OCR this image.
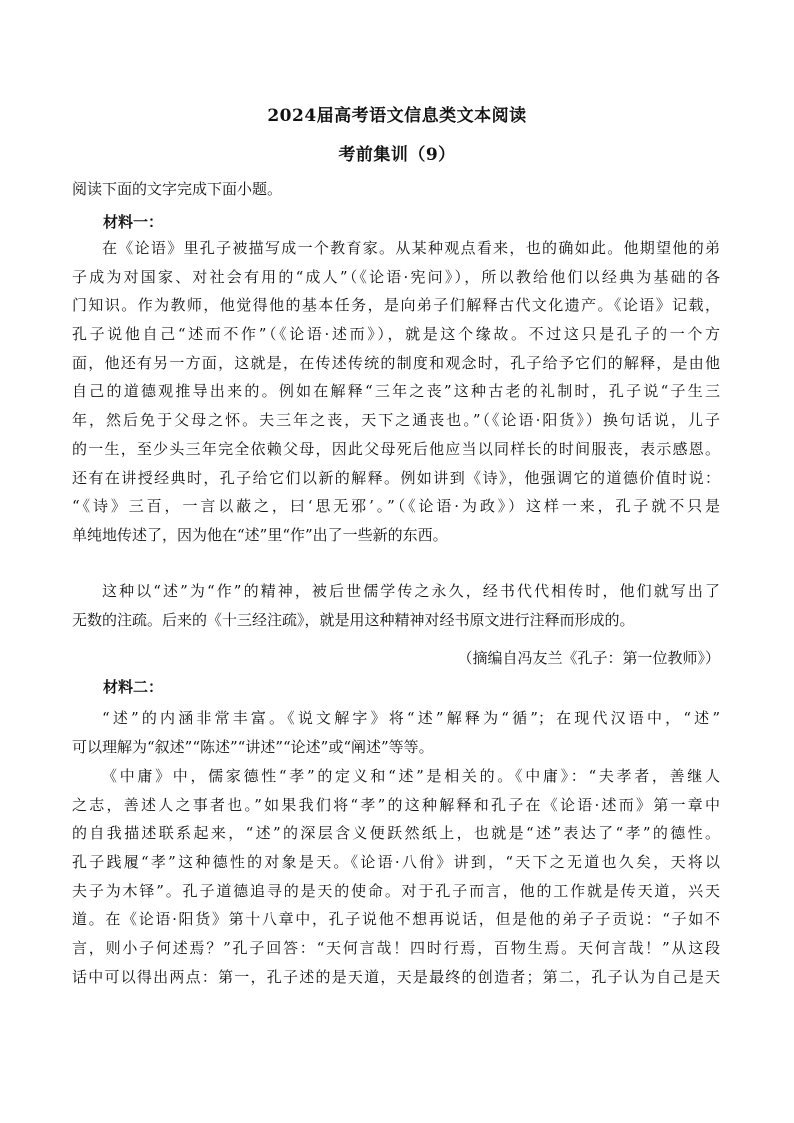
2024届高考语文信息类文本阅读
考前集训（9）
阅读下面的文字完成下面小题。
材料一：
在《论语》里孔子被描写成一个教育家。从某种观点看来，也的确如此。他期望他的弟
子成为对国家、对社会有用的“成人”（《论语·宪问》），所以教给他们以经典为基础的各
门知识。作为教师，他觉得他的基本任务，是向弟子们解释古代文化遗产。《论语》记载，
孔子说他自己“述而不作”（《论语·述而》），就是这个缘故。不过这只是孔子的一个方
面，他还有另一方面，这就是，在传述传统的制度和观念时，孔子给予它们的解释，是由他
自己的道德观推导出来的。例如在解释“三年之丧”这种古老的礼制时，孔子说“子生三
年，然后免于父母之怀。夫三年之丧，天下之通丧也。”（《论语·阳货》）换句话说，儿子
的一生，至少头三年完全依赖父母，因此父母死后他应当以同样长的时间服丧，表示感恩。
还有在讲授经典时，孔子给它们以新的解释。例如讲到《诗》，他强调它的道德价值时说：
“《诗》三百，一言以蔽之，曰‘思无邪’。”（《论语·为政》）这样一来，孔子就不只是
单纯地传述了，因为他在“述”里“作”出了一些新的东西。
这种以“述”为“作”的精神，被后世儒学传之永久，经书代代相传时，他们就写出了
无数的注疏。后来的《十三经注疏》，就是用这种精神对经书原文进行注释而形成的。
（摘编自冯友兰《孔子：第一位教师》）
材料二：
“述”的内涵非常丰富。《说文解字》将“述”解释为“循”；在现代汉语中，“述”
可以理解为“叙述”“陈述”“讲述”“论述”或“阐述”等等。
《中庸》中，儒家德性“孝”的定义和“述”是相关的。《中庸》：“夫孝者，善继人
之志，善述人之事者也。”如果我们将“孝”的这种解释和孔子在《论语·述而》第一章中
的自我描述联系起来，“述”的深层含义便跃然纸上，也就是“述”表达了“孝”的德性。
孔子践履“孝”这种德性的对象是天。《论语·八佾》讲到，“天下之无道也久矣，天将以
夫子为木铎”。孔子道德追寻的是天的使命。对于孔子而言，他的工作就是传天道，兴天
道。在《论语·阳货》第十八章中，孔子说他不想再说话，但是他的弟子子贡说：“子如不
言，则小子何述焉？”孔子回答：“天何言哉！四时行焉，百物生焉。天何言哉！”从这段
话中可以得出两点：第一，孔子述的是天道，天是最终的创造者；第二，孔子认为自己是天
